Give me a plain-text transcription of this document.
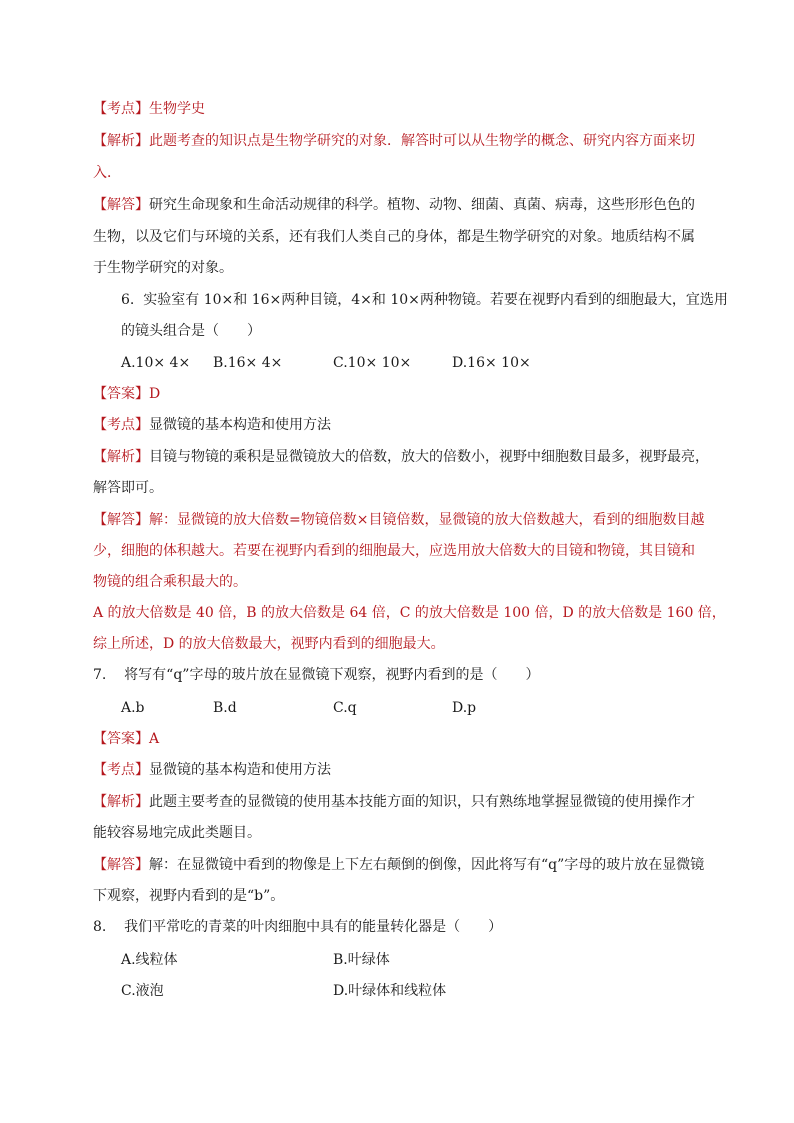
【考点】生物学史
【解析】此题考查的知识点是生物学研究的对象．解答时可以从生物学的概念、研究内容方面来切
入．
【解答】研究生命现象和生命活动规律的科学。植物、动物、细菌、真菌、病毒，这些形形色色的
生物，以及它们与环境的关系，还有我们人类自己的身体，都是生物学研究的对象。地质结构不属
于生物学研究的对象。
6. 实验室有 10×和 16×两种目镜，4×和 10×两种物镜。若要在视野内看到的细胞最大，宜选用
的镜头组合是（　　）
A.10× 4× B.16× 4×	C.10× 10×	D.16× 10×
【答案】D
【考点】显微镜的基本构造和使用方法
【解析】目镜与物镜的乘积是显微镜放大的倍数，放大的倍数小，视野中细胞数目最多，视野最亮，
解答即可。
【解答】解：显微镜的放大倍数=物镜倍数×目镜倍数，显微镜的放大倍数越大，看到的细胞数目越
少，细胞的体积越大。若要在视野内看到的细胞最大，应选用放大倍数大的目镜和物镜，其目镜和
物镜的组合乘积最大的。
A 的放大倍数是 40 倍，B 的放大倍数是 64 倍，C 的放大倍数是 100 倍，D 的放大倍数是 160 倍，
综上所述，D 的放大倍数最大，视野内看到的细胞最大。
7. 将写有“q”字母的玻片放在显微镜下观察，视野内看到的是（　　）
A.b	B.d	C.q	D.p
【答案】A
【考点】显微镜的基本构造和使用方法
【解析】此题主要考查的显微镜的使用基本技能方面的知识，只有熟练地掌握显微镜的使用操作才
能较容易地完成此类题目。
【解答】解：在显微镜中看到的物像是上下左右颠倒的倒像，因此将写有“q”字母的玻片放在显微镜
下观察，视野内看到的是“b”。
8. 我们平常吃的青菜的叶肉细胞中具有的能量转化器是（　　）
A.线粒体	B.叶绿体
C.液泡	D.叶绿体和线粒体
